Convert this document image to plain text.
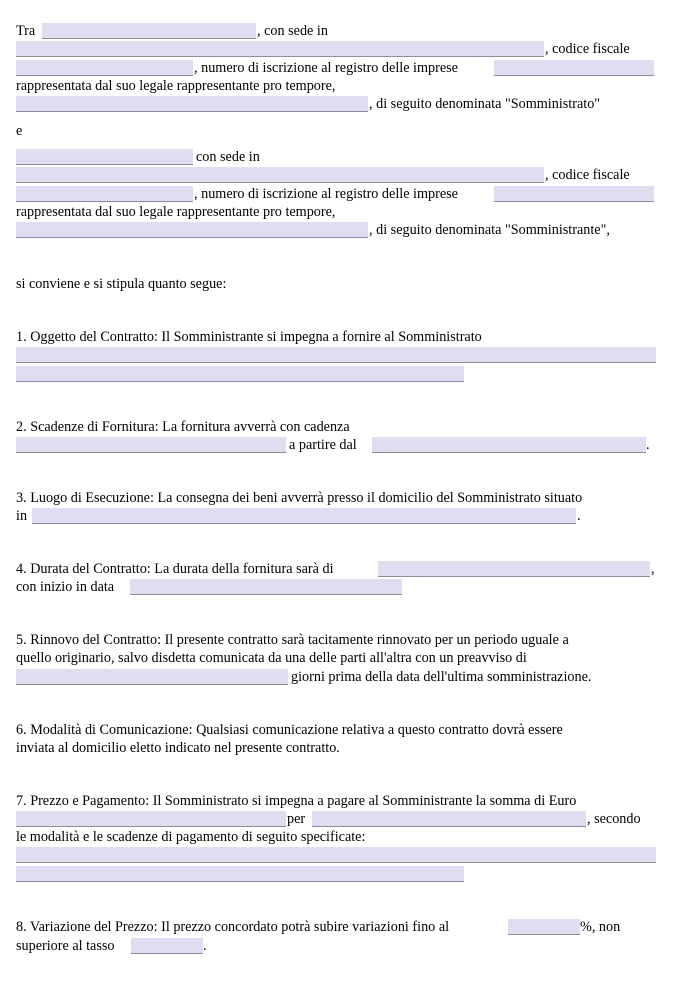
Tra	, con sede in
, codice fiscale
, numero di iscrizione al registro delle imprese
rappresentata dal suo legale rappresentante pro tempore,
, di seguito denominata "Somministrato"
e
con sede in
, codice fiscale
, numero di iscrizione al registro delle imprese
rappresentata dal suo legale rappresentante pro tempore,
, di seguito denominata "Somministrante",
si conviene e si stipula quanto segue:
1. Oggetto del Contratto: Il Somministrante si impegna a fornire al Somministrato
2. Scadenze di Fornitura: La fornitura avverrà con cadenza
a partire dal	.
3. Luogo di Esecuzione: La consegna dei beni avverrà presso il domicilio del Somministrato situato
in	.
4. Durata del Contratto: La durata della fornitura sarà di	,
con inizio in data
5. Rinnovo del Contratto: Il presente contratto sarà tacitamente rinnovato per un periodo uguale a
quello originario, salvo disdetta comunicata da una delle parti all'altra con un preavviso di
giorni prima della data dell'ultima somministrazione.
6. Modalità di Comunicazione: Qualsiasi comunicazione relativa a questo contratto dovrà essere
inviata al domicilio eletto indicato nel presente contratto.
7. Prezzo e Pagamento: Il Somministrato si impegna a pagare al Somministrante la somma di Euro
per	, secondo
le modalità e le scadenze di pagamento di seguito specificate:
8. Variazione del Prezzo: Il prezzo concordato potrà subire variazioni fino al	%, non
superiore al tasso	.
